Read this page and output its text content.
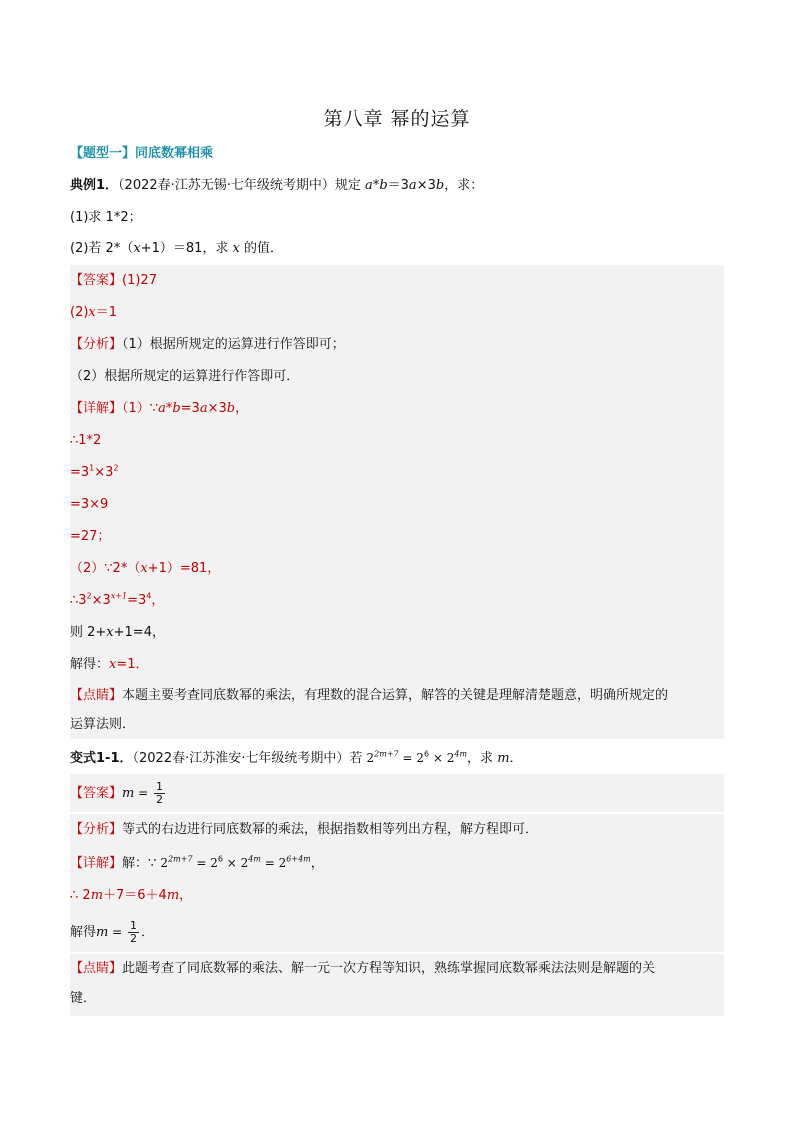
第八章 幂的运算
【题型一】同底数幂相乘
典例1．（2022春·江苏无锡·七年级统考期中）规定 a*b＝3a×3b，求：
(1)求 1*2；
(2)若 2*（x+1）＝81，求 x 的值．
【答案】(1)27
(2)x＝1
【分析】（1）根据所规定的运算进行作答即可；
（2）根据所规定的运算进行作答即可．
【详解】（1）∵a*b=3a×3b，
∴1*2
$=3^1\times 3^2$
=3×9
=27；
（2）∵2*（x+1）=81，
$\therefore 3^2\times 3^{x+1}=3^4$，
则 2+x+1=4，
解得：x=1．
【点睛】本题主要考查同底数幂的乘法，有理数的混合运算，解答的关键是理解清楚题意，明确所规定的
运算法则．
变式1-1．（2022春·江苏淮安·七年级统考期中）若 $2^{2m+7} = 2^6 \times 2^{4m}$，求 m．
【答案】$m = \frac{1}{2}$
【分析】等式的右边进行同底数幂的乘法，根据指数相等列出方程，解方程即可．
【详解】解：∵ $2^{2m+7} = 2^6 \times 2^{4m} = 2^{6+4m}$，
∴ 2m＋7＝6＋4m，
解得$m = \frac{1}{2}$ ．
【点睛】此题考查了同底数幂的乘法、解一元一次方程等知识，熟练掌握同底数幂乘法法则是解题的关
键．
